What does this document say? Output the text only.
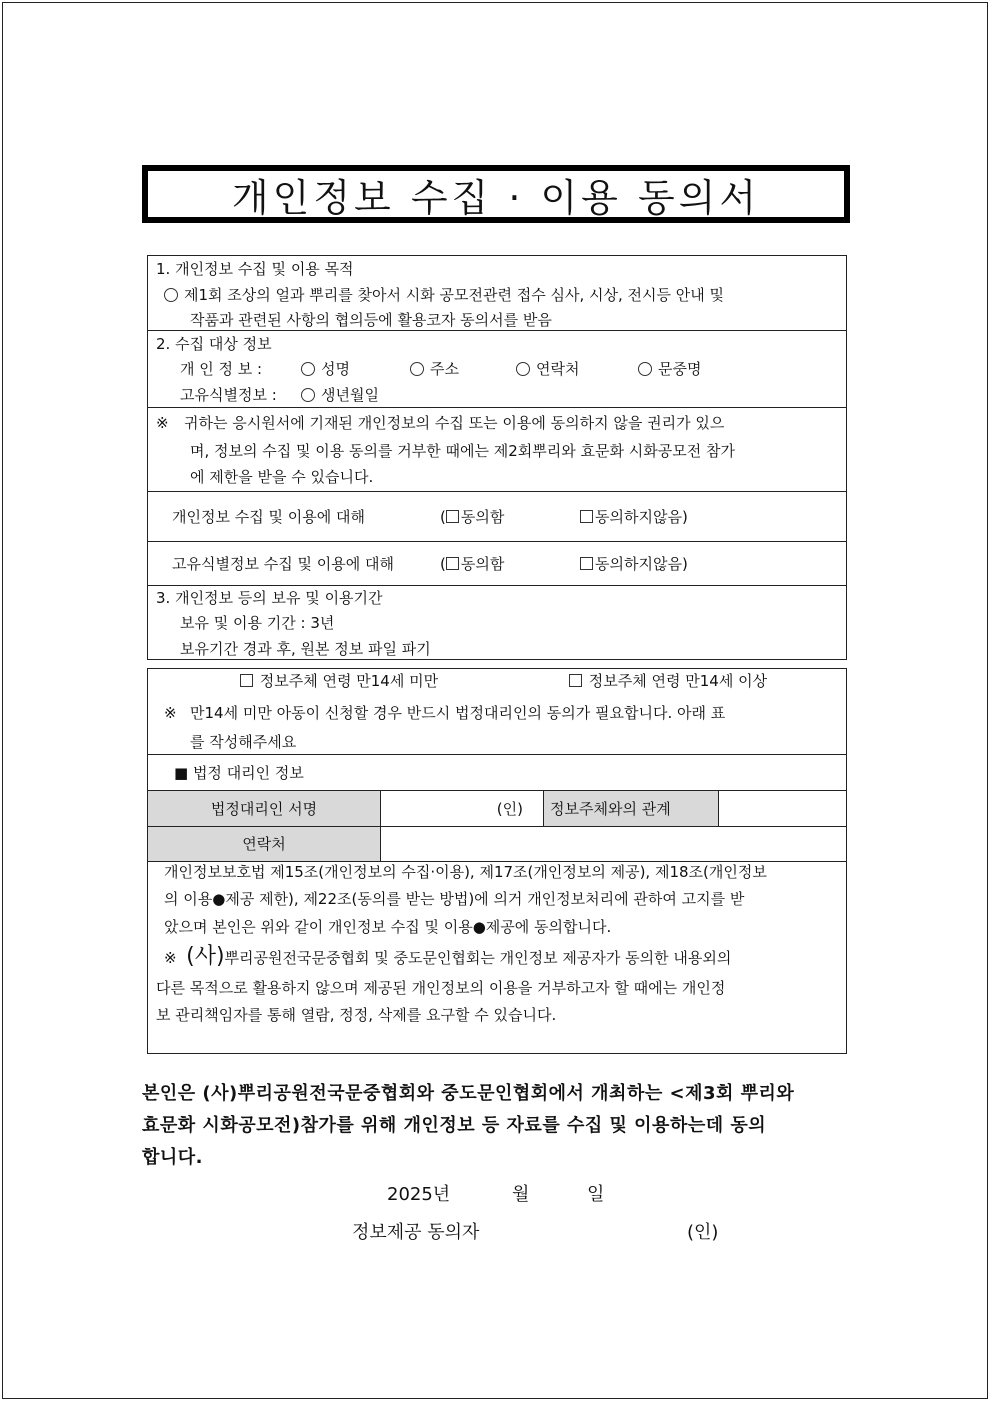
개인정보 수집 · 이용 동의서
1. 개인정보 수집 및 이용 목적
제1회 조상의 얼과 뿌리를 찾아서 시화 공모전관련 접수 심사, 시상, 전시등 안내 및
작품과 관련된 사항의 협의등에 활용코자 동의서를 받음
2. 수집 대상 정보
개 인 정 보 :	성명	주소	연락처	문중명
고유식별정보 :	생년월일
※ 귀하는 응시원서에 기재된 개인정보의 수집 또는 이용에 동의하지 않을 권리가 있으
며, 정보의 수집 및 이용 동의를 거부한 때에는 제2회뿌리와 효문화 시화공모전 참가
에 제한을 받을 수 있습니다.
개인정보 수집 및 이용에 대해	( 동의함	동의하지않음)
고유식별정보 수집 및 이용에 대해	( 동의함	동의하지않음)
3. 개인정보 등의 보유 및 이용기간
보유 및 이용 기간 : 3년
보유기간 경과 후, 원본 정보 파일 파기
정보주체 연령 만14세 미만	정보주체 연령 만14세 이상
※ 만14세 미만 아동이 신청할 경우 반드시 법정대리인의 동의가 필요합니다. 아래 표
를 작성해주세요
■ 법정 대리인 정보
법정대리인 서명	(인) 정보주체와의 관계
연락처
개인정보보호법 제15조(개인정보의 수집·이용), 제17조(개인정보의 제공), 제18조(개인정보
의 이용●제공 제한), 제22조(동의를 받는 방법)에 의거 개인정보처리에 관하여 고지를 받
았으며 본인은 위와 같이 개인정보 수집 및 이용●제공에 동의합니다.
※ (사)뿌리공원전국문중협회 및 중도문인협회는 개인정보 제공자가 동의한 내용외의
다른 목적으로 활용하지 않으며 제공된 개인정보의 이용을 거부하고자 할 때에는 개인정
보 관리책임자를 통해 열람, 정정, 삭제를 요구할 수 있습니다.
본인은 (사)뿌리공원전국문중협회와 중도문인협회에서 개최하는 <제3회 뿌리와
효문화 시화공모전)참가를 위해 개인정보 등 자료를 수집 및 이용하는데 동의
합니다.
2025년	월	일
정보제공 동의자	(인)
